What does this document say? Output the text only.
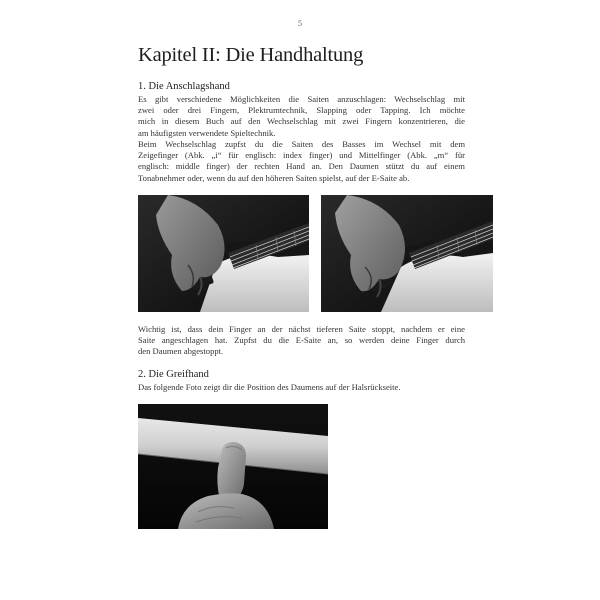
5
Kapitel II: Die Handhaltung
1. Die Anschlagshand

Es gibt verschiedene Möglichkeiten die Saiten anzuschlagen: Wechselschlag mit
zwei oder drei Fingern, Plektrumtechnik, Slapping oder Tapping. Ich möchte
mich in diesem Buch auf den Wechselschlag mit zwei Fingern konzentrieren, die
am häufigsten verwendete Spieltechnik.

Beim Wechselschlag zupfst du die Saiten des Basses im Wechsel mit dem
Zeigefinger (Abk. „i“ für englisch: index finger) und Mittelfinger (Abk. „m“ für
englisch: middle finger) der rechten Hand an. Den Daumen stützt du auf einem
Tonabnehmer oder, wenn du auf den höheren Saiten spielst, auf der E-Saite ab.

Wichtig ist, dass dein Finger an der nächst tieferen Saite stoppt, nachdem er eine
Saite angeschlagen hat. Zupfst du die E-Saite an, so werden deine Finger durch
den Daumen abgestoppt.

2. Die Greifhand

Das folgende Foto zeigt dir die Position des Daumens auf der Halsrückseite.
